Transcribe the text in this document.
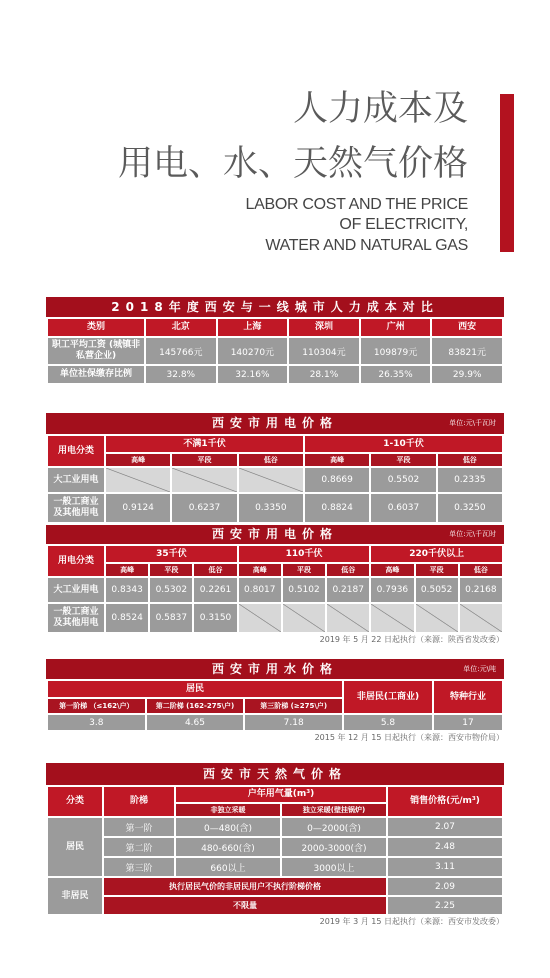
人力成本及
用电、水、天然气价格
LABOR COST AND THE PRICE
OF ELECTRICITY,
WATER AND NATURAL GAS
2018年度西安与一线城市人力成本对比
类别	北京	上海	深圳	广州	西安
职工平均工资 (城镇非私营企业)	145766元	140270元	110304元	109879元	83821元
单位社保缴存比例	32.8%	32.16%	28.1%	26.35%	29.9%
西安市用电价格	单位:元\千瓦时
用电分类	不满1千伏			1-10千伏		
	高峰	平段	低谷	高峰	平段	低谷
大工业用电				0.8669	0.5502	0.2335
一般工商业 及其他用电	0.9124	0.6237	0.3350	0.8824	0.6037	0.3250
西安市用电价格	单位:元\千瓦时
用电分类	35千伏			110千伏			220千伏以上		
	高峰	平段	低谷	高峰	平段	低谷	高峰	平段	低谷
大工业用电	0.8343	0.5302	0.2261	0.8017	0.5102	0.2187	0.7936	0.5052	0.2168
一般工商业 及其他用电	0.8524	0.5837	0.3150						
2019 年 5 月 22 日起执行（来源：陕西省发改委）
西安市用水价格	单位:元\吨
居民			非居民(工商业)	特种行业
第一阶梯 （≤162\户）	第二阶梯 (162-275\户)	第三阶梯 (≥275\户)		
3.8	4.65	7.18	5.8	17
2015 年 12 月 15 日起执行（来源：西安市物价局）
西安市天然气价格
分类	阶梯	户年用气量(m³)		销售价格(元/m³)
		非独立采暖	独立采暖(壁挂锅炉)	
居民	第一阶	0—480(含)	0—2000(含)	2.07
	第二阶	480-660(含)	2000-3000(含)	2.48
	第三阶	660以上	3000以上	3.11
非居民	执行居民气价的非居民用户不执行阶梯价格			2.09
	不限量			2.25
2019 年 3 月 15 日起执行（来源：西安市发改委）
